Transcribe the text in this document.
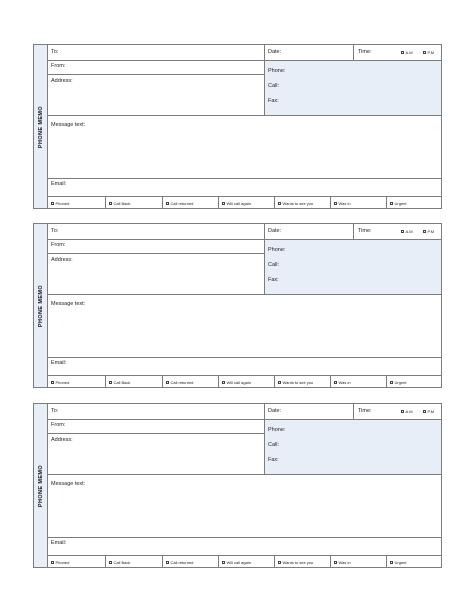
PHONE MEMO
To:	Date:	Time:	A.M	P.M
From:
Address:
Phone:
Call:
Fax:
Message text:
Email:
Phoned	Call Back	Call returned	Will call again	Wants to see you	Was in	Urgent
PHONE MEMO
To:	Date:	Time:	A.M	P.M
From:
Address:
Phone:
Call:
Fax:
Message text:
Email:
Phoned	Call Back	Call returned	Will call again	Wants to see you	Was in	Urgent
PHONE MEMO
To:	Date:	Time:	A.M	P.M
From:
Address:
Phone:
Call:
Fax:
Message text:
Email:
Phoned	Call Back	Call returned	Will call again	Wants to see you	Was in	Urgent
